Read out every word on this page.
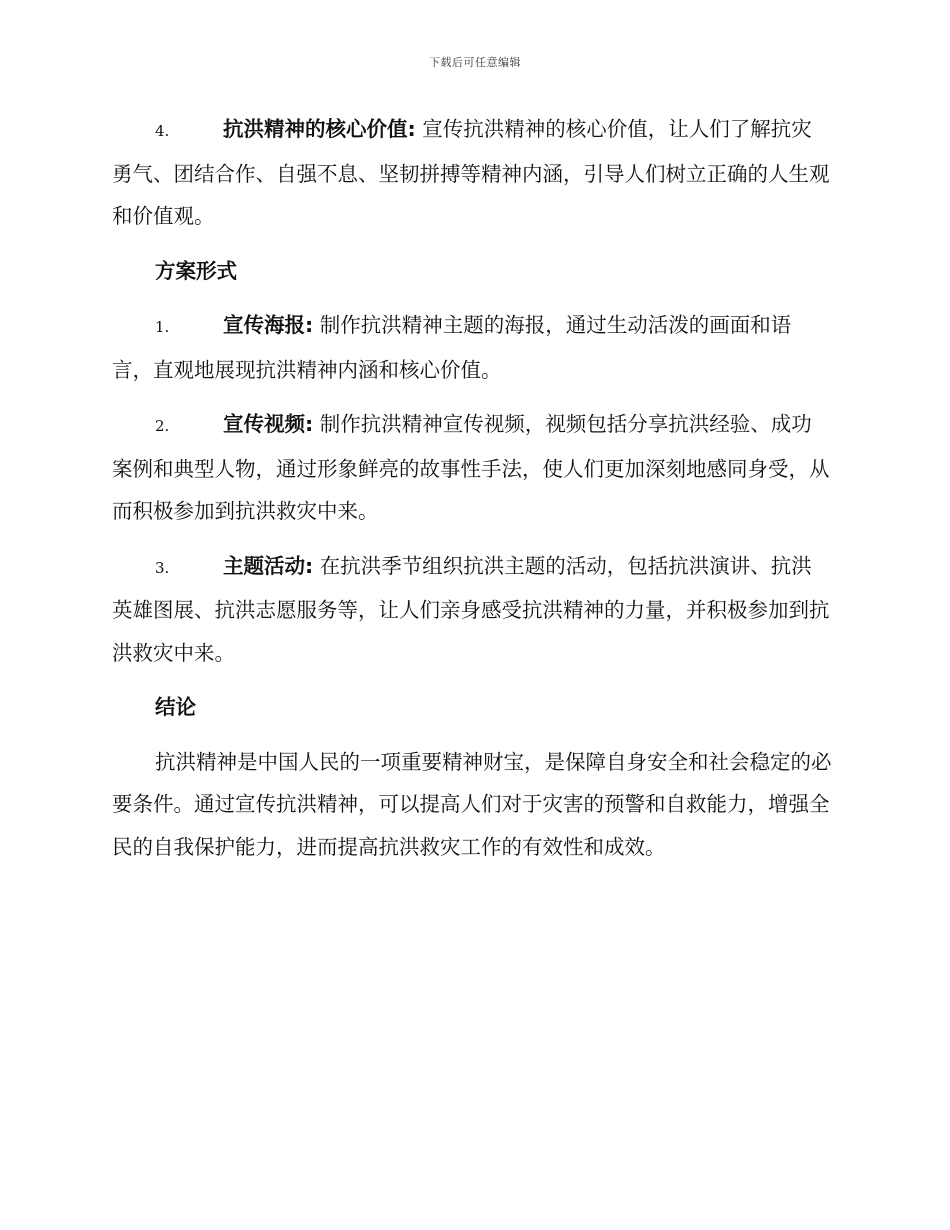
下载后可任意编辑

4.	抗洪精神的核心价值: 宣传抗洪精神的核心价值，让人们了解抗灾勇气、团结合作、自强不息、坚韧拼搏等精神内涵，引导人们树立正确的人生观和价值观。

方案形式

1.	宣传海报: 制作抗洪精神主题的海报，通过生动活泼的画面和语言，直观地展现抗洪精神内涵和核心价值。

2.	宣传视频: 制作抗洪精神宣传视频，视频包括分享抗洪经验、成功案例和典型人物，通过形象鲜亮的故事性手法，使人们更加深刻地感同身受，从而积极参加到抗洪救灾中来。

3.	主题活动: 在抗洪季节组织抗洪主题的活动，包括抗洪演讲、抗洪英雄图展、抗洪志愿服务等，让人们亲身感受抗洪精神的力量，并积极参加到抗洪救灾中来。

结论

抗洪精神是中国人民的一项重要精神财宝，是保障自身安全和社会稳定的必要条件。通过宣传抗洪精神，可以提高人们对于灾害的预警和自救能力，增强全民的自我保护能力，进而提高抗洪救灾工作的有效性和成效。
